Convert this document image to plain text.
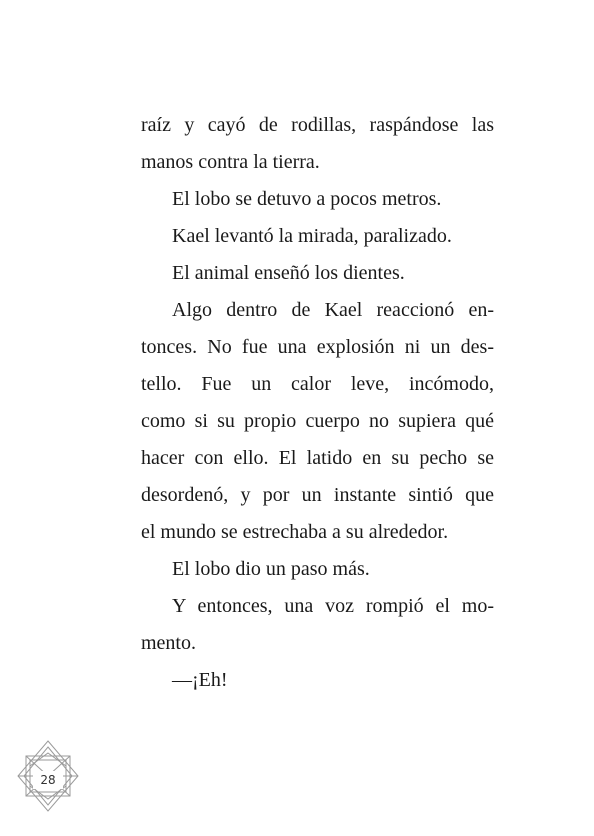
raíz y cayó de rodillas, raspándose las
manos contra la tierra.
El lobo se detuvo a pocos metros.
Kael levantó la mirada, paralizado.
El animal enseñó los dientes.
Algo dentro de Kael reaccionó en-
tonces. No fue una explosión ni un des-
tello. Fue un calor leve, incómodo,
como si su propio cuerpo no supiera qué
hacer con ello. El latido en su pecho se
desordenó, y por un instante sintió que
el mundo se estrechaba a su alrededor.
El lobo dio un paso más.
Y entonces, una voz rompió el mo-
mento.
—¡Eh!
28
